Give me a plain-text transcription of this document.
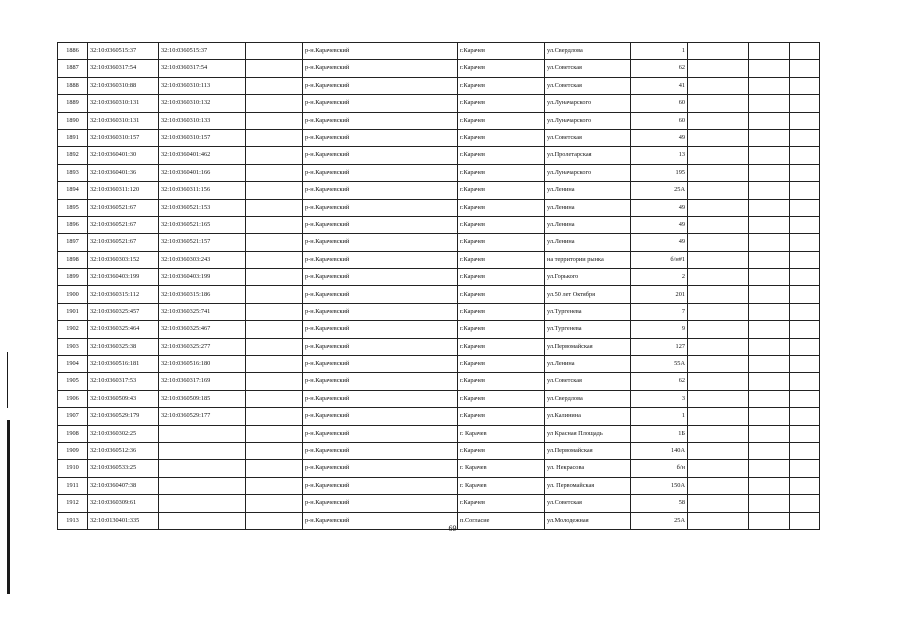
1886	32:10:0360515:37	32:10:0360515:37		р-н.Карачевский	г.Карачев	ул.Свердлова	1			
1887	32:10:0360317:54	32:10:0360317:54		р-н.Карачевский	г.Карачев	ул.Советская	62			
1888	32:10:0360310:88	32:10:0360310:113		р-н.Карачевский	г.Карачев	ул.Советская	41			
1889	32:10:0360310:131	32:10:0360310:132		р-н.Карачевский	г.Карачев	ул.Луначарского	60			
1890	32:10:0360310:131	32:10:0360310:133		р-н.Карачевский	г.Карачев	ул.Луначарского	60			
1891	32:10:0360310:157	32:10:0360310:157		р-н.Карачевский	г.Карачев	ул.Советская	49			
1892	32:10:0360401:30	32:10:0360401:462		р-н.Карачевский	г.Карачев	ул.Пролетарская	13			
1893	32:10:0360401:36	32:10:0360401:166		р-н.Карачевский	г.Карачев	ул.Луначарского	195			
1894	32:10:0360311:120	32:10:0360311:156		р-н.Карачевский	г.Карачев	ул.Ленина	25А			
1895	32:10:0360521:67	32:10:0360521:153		р-н.Карачевский	г.Карачев	ул.Ленина	49			
1896	32:10:0360521:67	32:10:0360521:165		р-н.Карачевский	г.Карачев	ул.Ленина	49			
1897	32:10:0360521:67	32:10:0360521:157		р-н.Карачевский	г.Карачев	ул.Ленина	49			
1898	32:10:0360303:152	32:10:0360303:243		р-н.Карачевский	г.Карачев	на территории рынка	б/н#1			
1899	32:10:0360403:199	32:10:0360403:199		р-н.Карачевский	г.Карачев	ул.Горького	2			
1900	32:10:0360315:112	32:10:0360315:186		р-н.Карачевский	г.Карачев	ул.50 лет Октября	201			
1901	32:10:0360325:457	32:10:0360325:741		р-н.Карачевский	г.Карачев	ул.Тургенева	7			
1902	32:10:0360325:464	32:10:0360325:467		р-н.Карачевский	г.Карачев	ул.Тургенева	9			
1903	32:10:0360325:38	32:10:0360325:277		р-н.Карачевский	г.Карачев	ул.Первомайская	127			
1904	32:10:0360516:181	32:10:0360516:180		р-н.Карачевский	г.Карачев	ул.Ленина	55А			
1905	32:10:0360317:53	32:10:0360317:169		р-н.Карачевский	г.Карачев	ул.Советская	62			
1906	32:10:0360509:43	32:10:0360509:185		р-н.Карачевский	г.Карачев	ул.Свердлова	3			
1907	32:10:0360529:179	32:10:0360529:177		р-н.Карачевский	г.Карачев	ул.Калинина	1			
1908	32:10:0360302:25			р-н.Карачевский	г. Карачев	ул Красная Площадь	1Б			
1909	32:10:0360512:36			р-н.Карачевский	г.Карачев	ул.Первомайская	140А			
1910	32:10:0360533:25			р-н.Карачевский	г. Карачев	ул. Некрасова	б/н			
1911	32:10:0360407:38			р-н.Карачевский	г. Карачев	ул. Первомайская	150А			
1912	32:10:0360309:61			р-н.Карачевский	г.Карачев	ул.Советская	58			
1913	32:10:0130401:335			р-н.Карачевский	п.Согласие	ул.Молодежная	25А			
69
